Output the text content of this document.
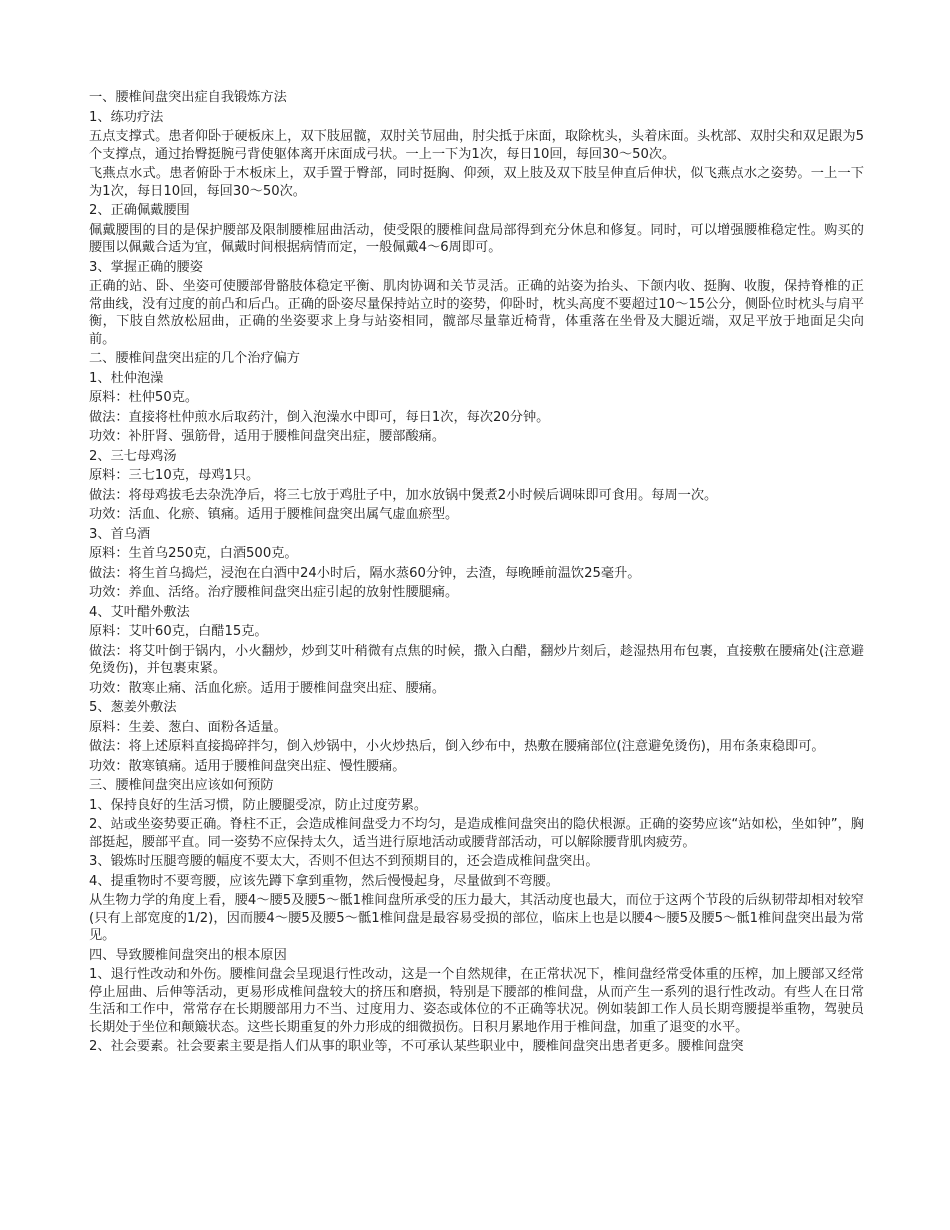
一、腰椎间盘突出症自我锻炼方法

1、练功疗法

五点支撑式。患者仰卧于硬板床上，双下肢屈髋，双肘关节屈曲，肘尖抵于床面，取除枕头，头着床面。头枕部、双肘尖和双足跟为5个支撑点，通过抬臀挺腕弓背使躯体离开床面成弓状。一上一下为1次，每日10回，每回30～50次。

飞燕点水式。患者俯卧于木板床上，双手置于臀部，同时挺胸、仰颈，双上肢及双下肢呈伸直后伸状，似飞燕点水之姿势。一上一下为1次，每日10回，每回30～50次。

2、正确佩戴腰围

佩戴腰围的目的是保护腰部及限制腰椎屈曲活动，使受限的腰椎间盘局部得到充分休息和修复。同时，可以增强腰椎稳定性。购买的腰围以佩戴合适为宜，佩戴时间根据病情而定，一般佩戴4～6周即可。

3、掌握正确的腰姿

正确的站、卧、坐姿可使腰部骨骼肢体稳定平衡、肌肉协调和关节灵活。正确的站姿为抬头、下颌内收、挺胸、收腹，保持脊椎的正常曲线，没有过度的前凸和后凸。正确的卧姿尽量保持站立时的姿势，仰卧时，枕头高度不要超过10～15公分，侧卧位时枕头与肩平衡，下肢自然放松屈曲，正确的坐姿要求上身与站姿相同，髋部尽量靠近椅背，体重落在坐骨及大腿近端，双足平放于地面足尖向前。

二、腰椎间盘突出症的几个治疗偏方

1、杜仲泡澡

原料：杜仲50克。

做法：直接将杜仲煎水后取药汁，倒入泡澡水中即可，每日1次，每次20分钟。

功效：补肝肾、强筋骨，适用于腰椎间盘突出症，腰部酸痛。

2、三七母鸡汤

原料：三七10克，母鸡1只。

做法：将母鸡拔毛去杂洗净后，将三七放于鸡肚子中，加水放锅中煲煮2小时候后调味即可食用。每周一次。

功效：活血、化瘀、镇痛。适用于腰椎间盘突出属气虚血瘀型。

3、首乌酒

原料：生首乌250克，白酒500克。

做法：将生首乌捣烂，浸泡在白酒中24小时后，隔水蒸60分钟，去渣，每晚睡前温饮25毫升。

功效：养血、活络。治疗腰椎间盘突出症引起的放射性腰腿痛。

4、艾叶醋外敷法

原料：艾叶60克，白醋15克。

做法：将艾叶倒于锅内，小火翻炒，炒到艾叶稍微有点焦的时候，撒入白醋，翻炒片刻后，趁湿热用布包裹，直接敷在腰痛处(注意避免烫伤)，并包裹束紧。

功效：散寒止痛、活血化瘀。适用于腰椎间盘突出症、腰痛。

5、葱姜外敷法

原料：生姜、葱白、面粉各适量。

做法：将上述原料直接捣碎拌匀，倒入炒锅中，小火炒热后，倒入纱布中，热敷在腰痛部位(注意避免烫伤)，用布条束稳即可。

功效：散寒镇痛。适用于腰椎间盘突出症、慢性腰痛。

三、腰椎间盘突出应该如何预防

1、保持良好的生活习惯，防止腰腿受凉，防止过度劳累。

2、站或坐姿势要正确。脊柱不正，会造成椎间盘受力不均匀，是造成椎间盘突出的隐伏根源。正确的姿势应该“站如松，坐如钟”，胸部挺起，腰部平直。同一姿势不应保持太久，适当进行原地活动或腰背部活动，可以解除腰背肌肉疲劳。

3、锻炼时压腿弯腰的幅度不要太大，否则不但达不到预期目的，还会造成椎间盘突出。

4、提重物时不要弯腰，应该先蹲下拿到重物，然后慢慢起身，尽量做到不弯腰。

从生物力学的角度上看，腰4～腰5及腰5～骶1椎间盘所承受的压力最大，其活动度也最大，而位于这两个节段的后纵韧带却相对较窄(只有上部宽度的1/2)，因而腰4～腰5及腰5～骶1椎间盘是最容易受损的部位，临床上也是以腰4～腰5及腰5～骶1椎间盘突出最为常见。

四、导致腰椎间盘突出的根本原因

1、退行性改动和外伤。腰椎间盘会呈现退行性改动，这是一个自然规律，在正常状况下，椎间盘经常受体重的压榨，加上腰部又经常停止屈曲、后伸等活动，更易形成椎间盘较大的挤压和磨损，特别是下腰部的椎间盘，从而产生一系列的退行性改动。有些人在日常生活和工作中，常常存在长期腰部用力不当、过度用力、姿态或体位的不正确等状况。例如装卸工作人员长期弯腰提举重物，驾驶员长期处于坐位和颠簸状态。这些长期重复的外力形成的细微损伤。日积月累地作用于椎间盘，加重了退变的水平。

2、社会要素。社会要素主要是指人们从事的职业等，不可承认某些职业中，腰椎间盘突出患者更多。腰椎间盘突
